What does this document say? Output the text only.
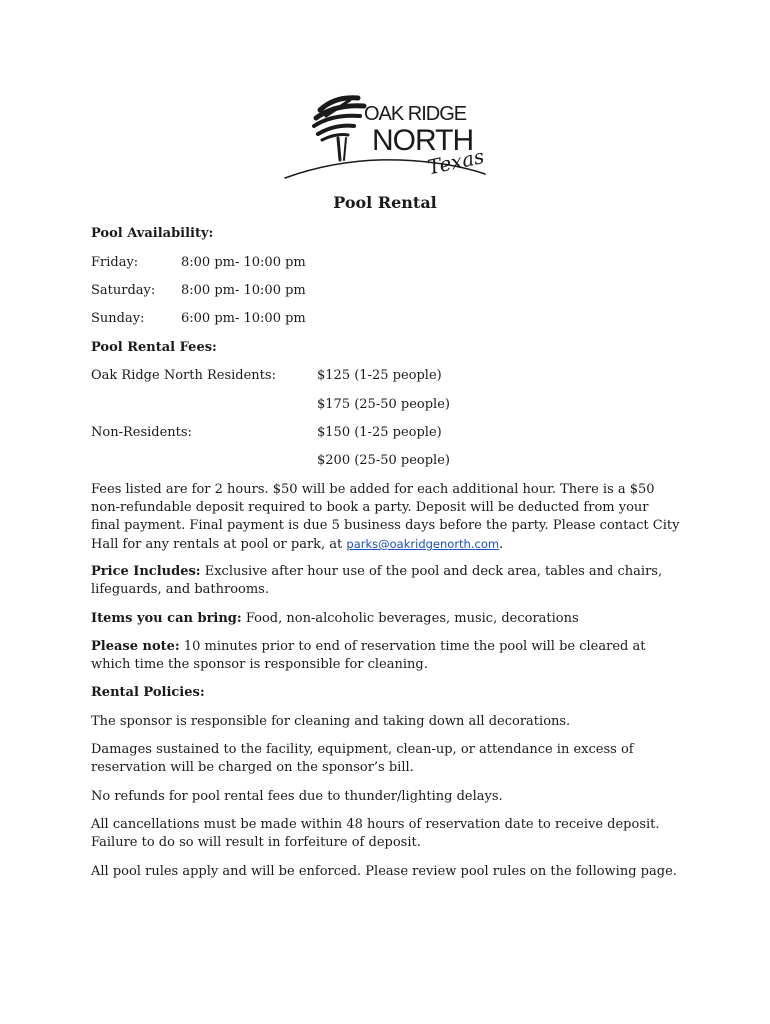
OAK RIDGE
NORTH
Texas
Pool Rental
Pool Availability:
Friday:	8:00 pm- 10:00 pm
Saturday: 8:00 pm- 10:00 pm
Sunday:	6:00 pm- 10:00 pm
Pool Rental Fees:
Oak Ridge North Residents:	$125 (1-25 people)
$175 (25-50 people)
Non-Residents:	$150 (1-25 people)
$200 (25-50 people)
Fees listed are for 2 hours. $50 will be added for each additional hour. There is a $50 non-refundable deposit required to book a party. Deposit will be deducted from your final payment. Final payment is due 5 business days before the party. Please contact City Hall for any rentals at pool or park, at parks@oakridgenorth.com.
Price Includes: Exclusive after hour use of the pool and deck area, tables and chairs, lifeguards, and bathrooms.
Items you can bring: Food, non-alcoholic beverages, music, decorations
Please note: 10 minutes prior to end of reservation time the pool will be cleared at which time the sponsor is responsible for cleaning.
Rental Policies:
The sponsor is responsible for cleaning and taking down all decorations.
Damages sustained to the facility, equipment, clean-up, or attendance in excess of reservation will be charged on the sponsor’s bill.
No refunds for pool rental fees due to thunder/lighting delays.
All cancellations must be made within 48 hours of reservation date to receive deposit. Failure to do so will result in forfeiture of deposit.
All pool rules apply and will be enforced. Please review pool rules on the following page.
